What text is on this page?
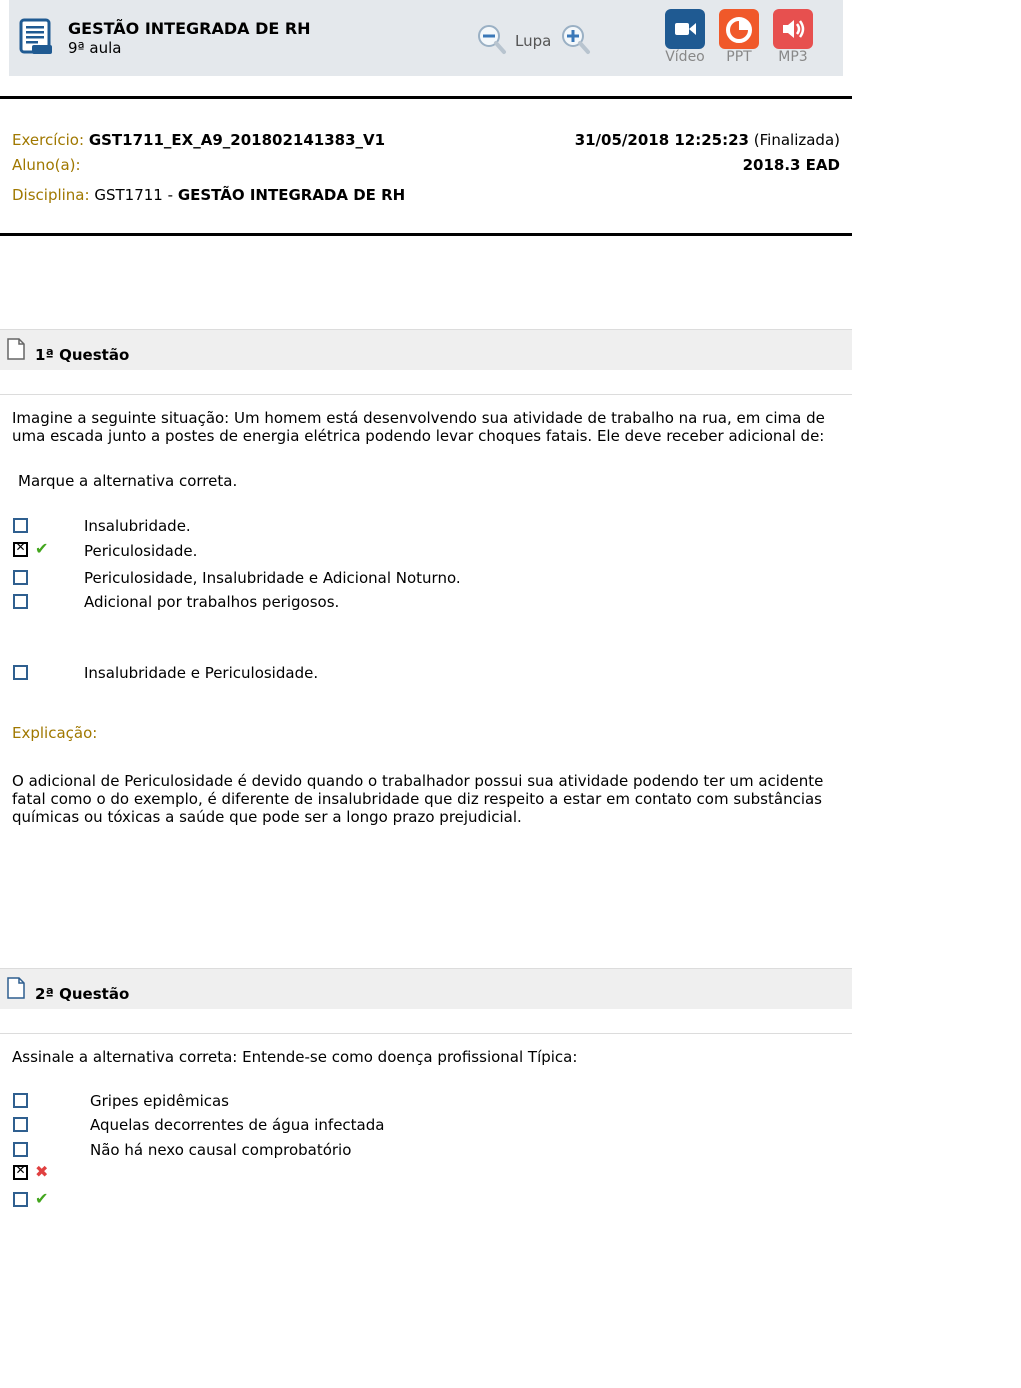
GESTÃO INTEGRADA DE RH
9ª aula	Lupa
Vídeo	PPT	MP3
Exercício: GST1711_EX_A9_201802141383_V1
Aluno(a):
Disciplina: GST1711 - GESTÃO INTEGRADA DE RH
31/05/2018 12:25:23 (Finalizada)
2018.3 EAD
1ª Questão
Imagine a seguinte situação: Um homem está desenvolvendo sua atividade de trabalho na rua, em cima de uma escada junto a postes de energia elétrica podendo levar choques fatais. Ele deve receber adicional de:
Marque a alternativa correta.
Insalubridade.
✕ ✔ Periculosidade.
Periculosidade, Insalubridade e Adicional Noturno.
Adicional por trabalhos perigosos.
Insalubridade e Periculosidade.
Explicação:
O adicional de Periculosidade é devido quando o trabalhador possui sua atividade podendo ter um acidente fatal como o do exemplo, é diferente de insalubridade que diz respeito a estar em contato com substâncias químicas ou tóxicas a saúde que pode ser a longo prazo prejudicial.
2ª Questão
Assinale a alternativa correta: Entende-se como doença profissional Típica:
Gripes epidêmicas
Aquelas decorrentes de água infectada
Não há nexo causal comprobatório
✕ ✖
✔
